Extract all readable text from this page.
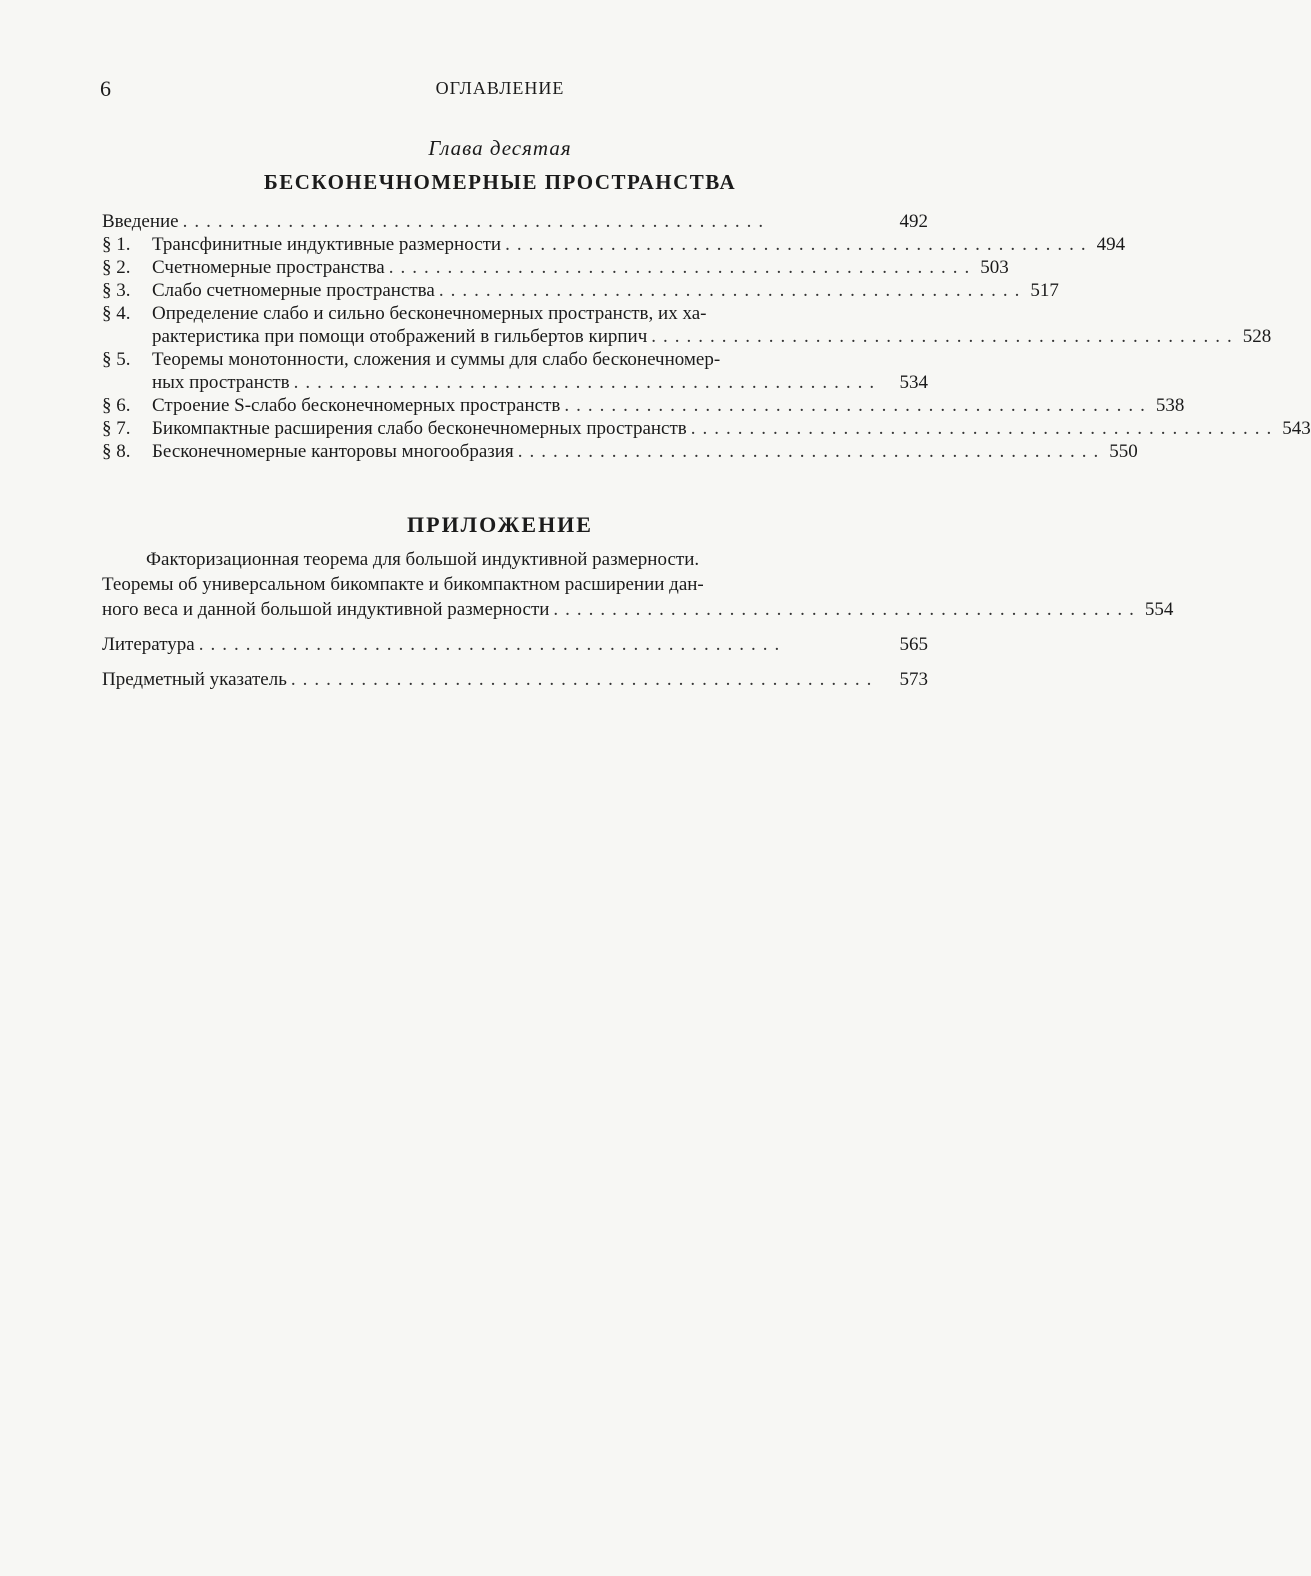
6	ОГЛАВЛЕНИЕ
Глава десятая
БЕСКОНЕЧНОМЕРНЫЕ ПРОСТРАНСТВА
Введение ..................................................	492
§ 1. Трансфинитные индуктивные размерности .................................................. 494
§ 2. Счетномерные пространства .................................................. 503
§ 3. Слабо счетномерные пространства .................................................. 517
§ 4. Определение слабо и сильно бесконечномерных пространств, их ха-
рактеристика при помощи отображений в гильбертов кирпич .................................................. 528
§ 5. Теоремы монотонности, сложения и суммы для слабо бесконечномер-
ных пространств .................................................. 534
§ 6. Строение S-слабо бесконечномерных пространств .................................................. 538
§ 7. Бикомпактные расширения слабо бесконечномерных пространств .................................................. 543
§ 8. Бесконечномерные канторовы многообразия .................................................. 550
ПРИЛОЖЕНИЕ
Факторизационная теорема для большой индуктивной размерности.
Теоремы об универсальном бикомпакте и бикомпактном расширении дан-
ного веса и данной большой индуктивной размерности .................................................. 554
Литература ..................................................	565
Предметный указатель ..................................................	573
